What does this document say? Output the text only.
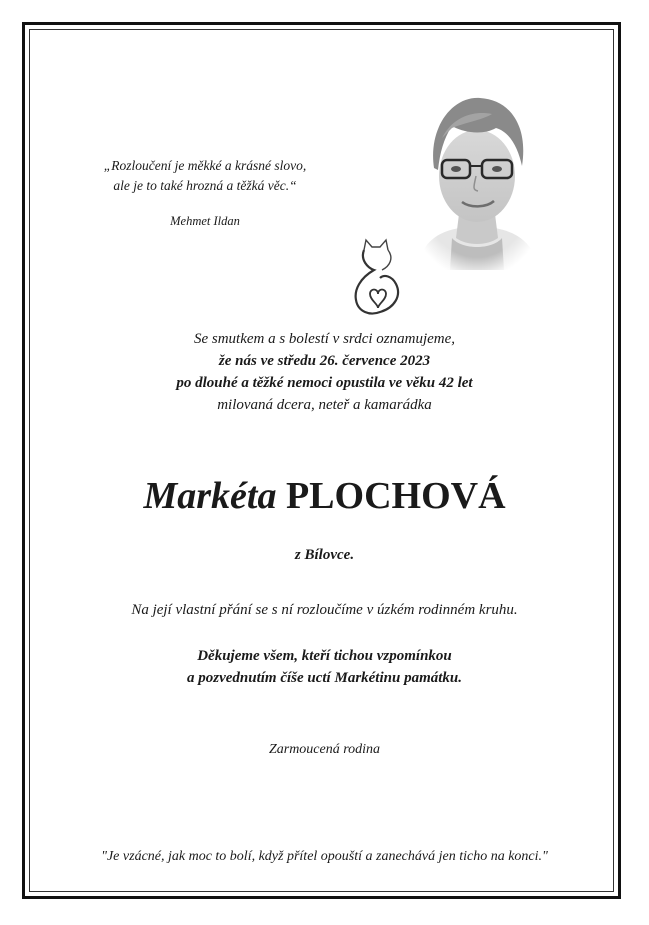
„Rozloučení je měkké a krásné slovo,
ale je to také hrozná a těžká věc.“
Mehmet Ildan
Se smutkem a s bolestí v srdci oznamujeme,
že nás ve středu 26. července 2023
po dlouhé a těžké nemoci opustila ve věku 42 let
milovaná dcera, neteř a kamarádka
Markéta PLOCHOVÁ
z Bílovce.
Na její vlastní přání se s ní rozloučíme v úzkém rodinném kruhu.
Děkujeme všem, kteří tichou vzpomínkou
a pozvednutím číše uctí Markétinu památku.
Zarmoucená rodina
"Je vzácné, jak moc to bolí, když přítel opouští a zanechává jen ticho na konci."
